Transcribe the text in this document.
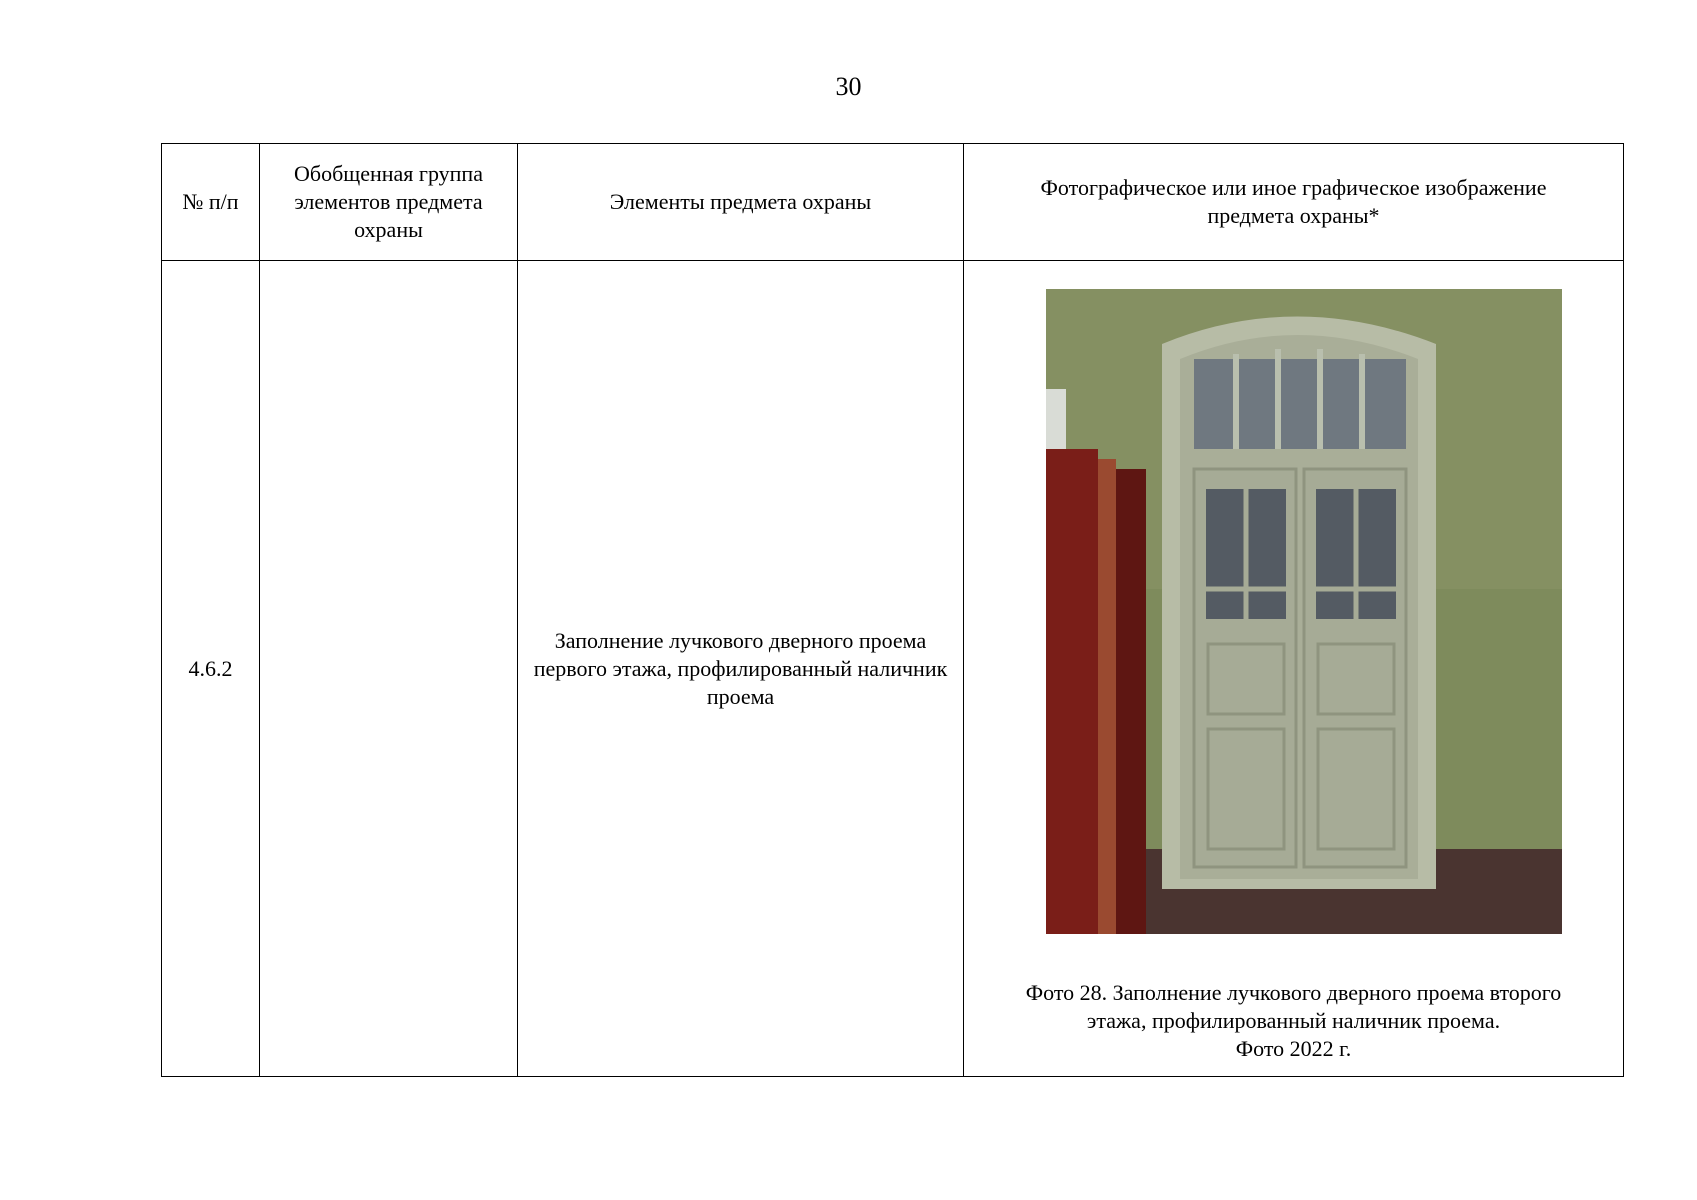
30
№ п/п	Обобщенная группа элементов предмета охраны	Элементы предмета охраны	Фотографическое или иное графическое изображение предмета охраны*
4.6.2		Заполнение лучкового дверного проема первого этажа, профилированный наличник проема	Фото 28. Заполнение лучкового дверного проема второго этажа, профилированный наличник проема.
Фото 2022 г.
